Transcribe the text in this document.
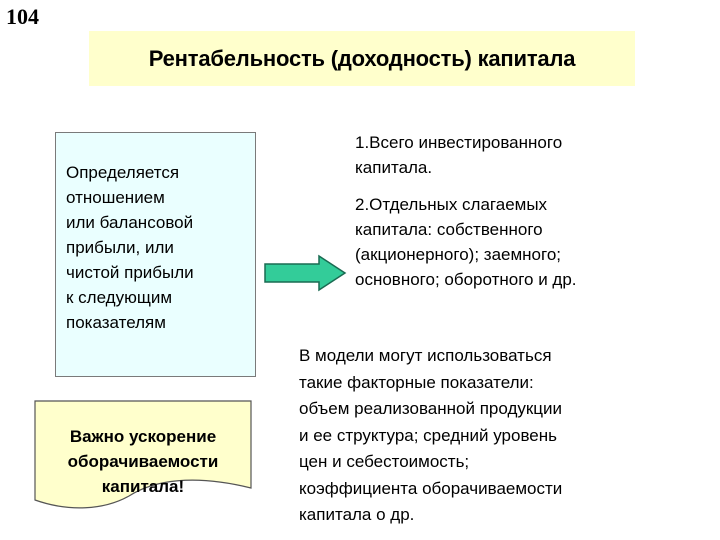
104
Рентабельность (доходность) капитала
Определяется
отношением
или балансовой
прибыли, или
чистой прибыли
к следующим
показателям
1.Всего инвестированного
капитала.
2.Отдельных слагаемых
капитала: собственного
(акционерного); заемного;
основного; оборотного и др.
В модели могут использоваться
такие факторные показатели:
объем реализованной продукции
и ее структура; средний уровень
цен и себестоимость;
коэффициента оборачиваемости
капитала о др.
Важно ускорение
оборачиваемости
капитала!
